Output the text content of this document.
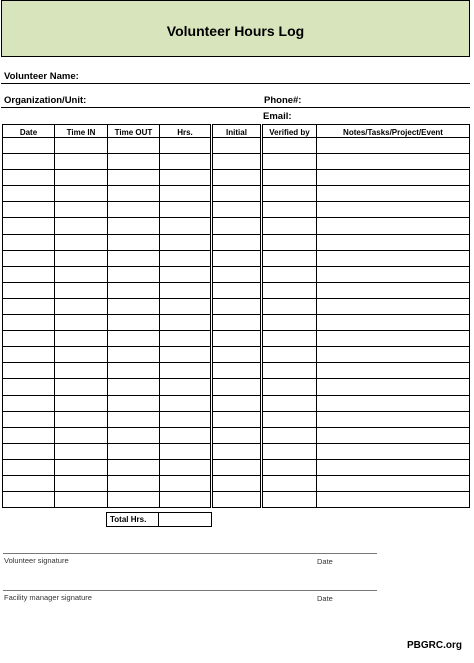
Volunteer Hours Log
Volunteer Name:
Organization/Unit:	Phone#:
Email:
Date	Time IN	Time OUT	Hrs.	Initial	Verified by	Notes/Tasks/Project/Event

Total Hrs.
Volunteer signature	Date
Facility manager signature	Date
PBGRC.org
